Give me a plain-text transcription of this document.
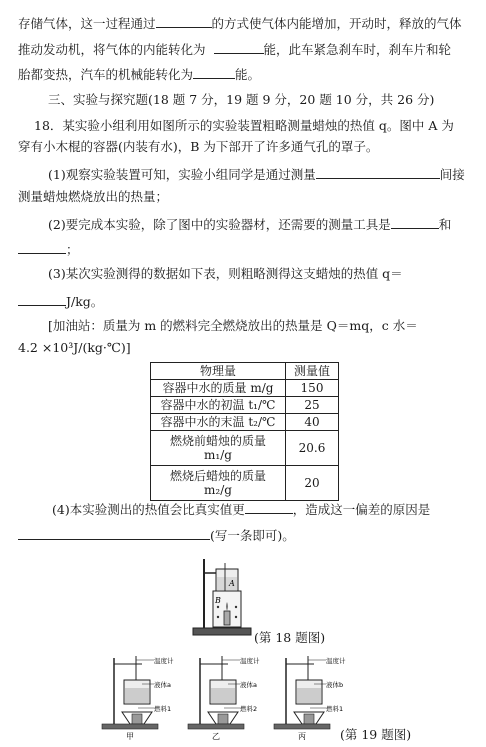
存储气体，这一过程通过	的方式使气体内能增加，开动时，释放的气体
推动发动机，将气体的内能转化为	能，此车紧急刹车时，刹车片和轮
胎都变热，汽车的机械能转化为	能。
三、实验与探究题(18 题 7 分，19 题 9 分，20 题 10 分，共 26 分)
18．某实验小组利用如图所示的实验装置粗略测量蜡烛的热值 q。图中 A 为
穿有小木棍的容器(内装有水)，B 为下部开了许多通气孔的罩子。
(1)观察实验装置可知，实验小组同学是通过测量	间接
测量蜡烛燃烧放出的热量；
(2)要完成本实验，除了图中的实验器材，还需要的测量工具是	和
；
(3)某次实验测得的数据如下表，则粗略测得这支蜡烛的热值 q＝
J/kg。
[加油站：质量为 m 的燃料完全燃烧放出的热量是 Q＝mq，c 水＝
4.2 ×10³J/(kg·℃)]
物理量	测量值
容器中水的质量 m/g	150
容器中水的初温 t₁/℃	25
容器中水的末温 t₂/℃	40

燃烧前蜡烛的质量
m₁/g	20.6

燃烧后蜡烛的质量
m₂/g	20
(4)本实验测出的热值会比真实值更	，造成这一偏差的原因是
(写一条即可)。
A
B
(第 18 题图)
温度计
液体a
燃料1
甲
温度计
液体a
燃料2
乙
温度计
液体b
燃料1
丙	(第 19 题图)
